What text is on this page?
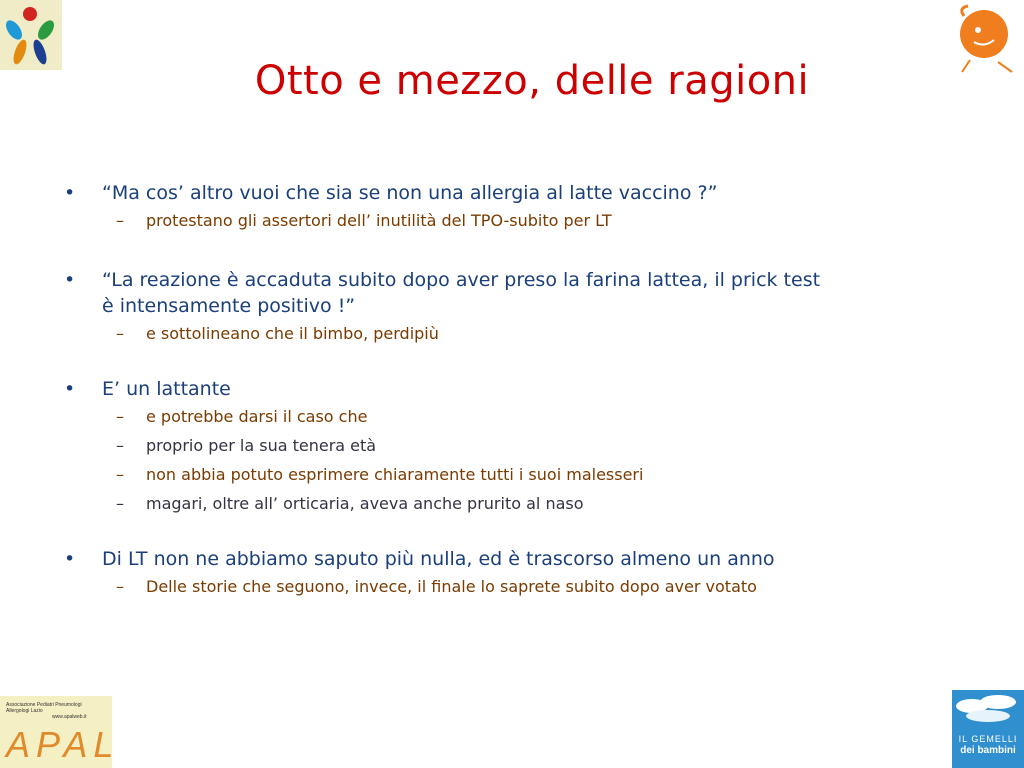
Otto e mezzo, delle ragioni
• “Ma cos’ altro vuoi che sia se non una allergia al latte vaccino ?”
– protestano gli assertori dell’ inutilità del TPO-subito per LT
• “La reazione è accaduta subito dopo aver preso la farina lattea, il prick test
è intensamente positivo !”
– e sottolineano che il bimbo, perdipiù
• E’ un lattante
– e potrebbe darsi il caso che
– proprio per la sua tenera età
– non abbia potuto esprimere chiaramente tutti i suoi malesseri
– magari, oltre all’ orticaria, aveva anche prurito al naso
• Di LT non ne abbiamo saputo più nulla, ed è trascorso almeno un anno
– Delle storie che seguono, invece, il finale lo saprete subito dopo aver votato
Associazione Pediatri Pneumologi Allergologi Lazio
www.apalweb.it
APAL	IL GEMELLI
dei bambini
